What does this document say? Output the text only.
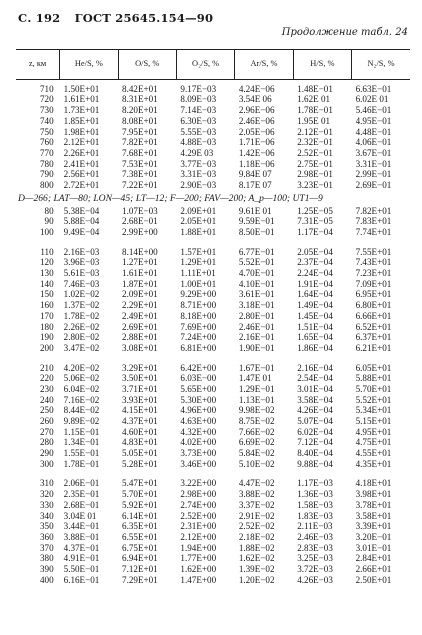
С. 192 ГОСТ 25645.154—90
Продолжение табл. 24
z, км	He/S, %	O/S, %	O₂/S, %	Ar/S, %	H/S, %	N₂/S, %

710	1.50E+01	8.42E+01	9.17E−03	4.24E−06	1.48E−01	6.63E−01
720	1.61E+01	8.31E+01	8.09E−03	3.54E 06	1.62E 01	6.02E 01
730	1.73E+01	8.20E+01	7.14E−03	2.96E−06	1.78E−01	5.46E−01
740	1.85E+01	8.08E+01	6.30E−03	2.46E−06	1.95E 01	4.95E−01
750	1.98E+01	7.95E+01	5.55E−03	2.05E−06	2.12E−01	4.48E−01
760	2.12E+01	7.82E+01	4.88E−03	1.71E−06	2.32E−01	4.06E−01
770	2.26E+01	7.68E+01	4.29E 03	1.42E−06	2.52E−01	3.67E−01
780	2.41E+01	7.53E+01	3.77E−03	1.18E−06	2.75E−01	3.31E−01
790	2.56E+01	7.38E+01	3.31E−03	9.84E 07	2.98E−01	2.99E−01
800	2.72E+01	7.22E+01	2.90E−03	8.17E 07	3.23E−01	2.69E−01
D—266; LAT—80; LON—45; LT—12; F—200; FAV—200; A_p—100; UT1—9						
80	5.38E−04	1.07E−03	2.09E+01	9.61E 01	1.25E−05	7.82E+01
90	5.88E−04	2.68E−01	2.05E+01	9.59E−01	7.31E−05	7.83E+01
100	9.49E−04	2.99E+00	1.88E+01	8.50E−01	1.17E−04	7.74E+01

110	2.16E−03	8.14E+00	1.57E+01	6.77E−01	2.05E−04	7.55E+01
120	3.96E−03	1.27E+01	1.29E+01	5.52E−01	2.37E−04	7.43E+01
130	5.61E−03	1.61E+01	1.11E+01	4.70E−01	2.24E−04	7.23E+01
140	7.46E−03	1.87E+01	1.00E+01	4.10E−01	1.91E−04	7.09E+01
150	1.02E−02	2.09E+01	9.29E+00	3.61E−01	1.64E−04	6.95E+01
160	1.37E−02	2.29E+01	8.71E+00	3.18E−01	1.49E−04	6.80E+01
170	1.78E−02	2.49E+01	8.18E+00	2.80E−01	1.45E−04	6.66E+01
180	2.26E−02	2.69E+01	7.69E+00	2.46E−01	1.51E−04	6.52E+01
190	2.80E−02	2.88E+01	7.24E+00	2.16E−01	1.65E−04	6.37E+01
200	3.47E−02	3.08E+01	6.81E+00	1.90E−01	1.86E−04	6.21E+01

210	4.20E−02	3.29E+01	6.42E+00	1.67E−01	2.16E−04	6.05E+01
220	5.06E−02	3.50E+01	6.03E−00	1.47E 01	2.54E−04	5.88E+01
230	6.04E−02	3.71E+01	5.65E+00	1.29E−01	3.01E−04	5.70E+01
240	7.16E−02	3.93E+01	5.30E+00	1.13E−01	3.58E−04	5.52E+01
250	8.44E−02	4.15E+01	4.96E+00	9.98E−02	4.26E−04	5.34E+01
260	9.89E−02	4.37E+01	4.63E+00	8.75E−02	5.07E−04	5.15E+01
270	1.15E−01	4.60E+01	4.32E+00	7.66E−02	6.02E−04	4.95E+01
280	1.34E−01	4.83E+01	4.02E+00	6.69E−02	7.12E−04	4.75E+01
290	1.55E−01	5.05E+01	3.73E+00	5.84E−02	8.40E−04	4.55E+01
300	1.78E−01	5.28E+01	3.46E+00	5.10E−02	9.88E−04	4.35E+01

310	2.06E−01	5.47E+01	3.22E+00	4.47E−02	1.17E−03	4.18E+01
320	2.35E−01	5.70E+01	2.98E+00	3.88E−02	1.36E−03	3.98E+01
330	2.68E−01	5.92E+01	2.74E+00	3.37E−02	1.58E−03	3.78E+01
340	3.04E 01	6.14E+01	2.52E+00	2.91E−02	1.83E−03	3.58E+01
350	3.44E−01	6.35E+01	2.31E+00	2.52E−02	2.11E−03	3.39E+01
360	3.88E−01	6.55E+01	2.12E+00	2.18E−02	2.46E−03	3.20E−01
370	4.37E−01	6.75E+01	1.94E+00	1.88E−02	2.83E−03	3.01E−01
380	4.91E−01	6.94E+01	1.77E+00	1.62E−02	3.25E−03	2.84E+01
390	5.50E−01	7.12E+01	1.62E+00	1.39E−02	3.72E−03	2.66E+01
400	6.16E−01	7.29E+01	1.47E+00	1.20E−02	4.26E−03	2.50E+01
